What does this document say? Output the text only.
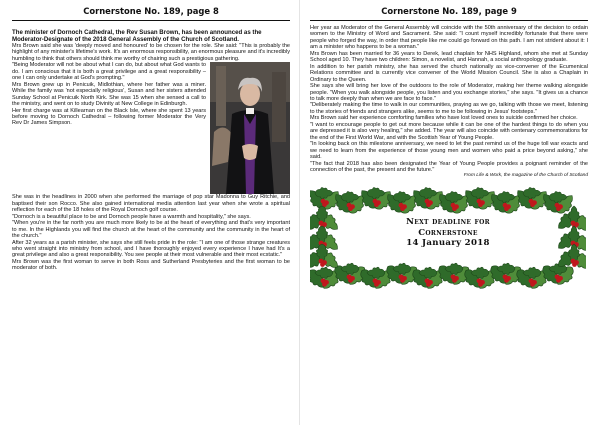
Cornerstone No. 189, page 8

The minister of Dornoch Cathedral, the Rev Susan Brown, has been announced as the Moderator-Designate of the 2018 General Assembly of the Church of Scotland.

Mrs Brown said she was 'deeply moved and honoured' to be chosen for the role. She said: "This is probably the highlight of any minister's lifetime's work. It's an enormous responsibility, an enormous pleasure and it's incredibly humbling to think that others should think me worthy of chairing such a prestigious gathering.

"Being Moderator will not be about what I can do, but about what God wants to do. I am conscious that it is both a great privilege and a great responsibility – one I can only undertake at God's prompting."

Mrs Brown grew up in Penicuik, Midlothian, where her father was a miner. While the family was 'not especially religious', Susan and her sisters attended Sunday School at Penicuik North Kirk. She was 15 when she sensed a call to the ministry, and went on to study Divinity at New College in Edinburgh.

Her first charge was at Killearnan on the Black Isle, where she spent 13 years before moving to Dornoch Cathedral – following former Moderator the Very Rev Dr James Simpson.

She was in the headlines in 2000 when she performed the marriage of pop star Madonna to Guy Ritchie, and baptised their son Rocco. She also gained international media attention last year when she wrote a spiritual reflection for each of the 18 holes of the Royal Dornoch golf course.

"Dornoch is a beautiful place to be and Dornoch people have a warmth and hospitality," she says.

"When you're in the far north you are much more likely to be at the heart of everything and that's very important to me. In the Highlands you will find the church at the heart of the community and the community in the heart of the church."

After 32 years as a parish minister, she says she still feels pride in the role: "I am one of those strange creatures who went straight into ministry from school, and I have thoroughly enjoyed every experience I have had It's a great privilege and also a great responsibility. You see people at their most vulnerable and their most ecstatic."

Mrs Brown was the first woman to serve in both Ross and Sutherland Presbyteries and the first woman to be moderator of both.

Cornerstone No. 189, page 9

Her year as Moderator of the General Assembly will coincide with the 50th anniversary of the decision to ordain women to the Ministry of Word and Sacrament. She said: "I count myself incredibly fortunate that there were people who forged the way, in order that people like me could go forward on this path. I am not strident about it: I am a minister who happens to be a woman."

Mrs Brown has been married for 36 years to Derek, lead chaplain for NHS Highland, whom she met at Sunday School aged 10. They have two children: Simon, a novelist, and Hannah, a social anthropology graduate.

In addition to her parish ministry, she has served the church nationally as vice-convener of the Ecumenical Relations committee and is currently vice convener of the World Mission Council. She is also a Chaplain in Ordinary to the Queen.

She says she will bring her love of the outdoors to the role of Moderator, making her theme walking alongside people. "When you walk alongside people, you listen and you exchange stories," she says. "It gives us a chance to talk more deeply than when we are face to face."

"Deliberately making the time to walk in our communities, praying as we go, talking with those we meet, listening to the stories of friends and strangers alike, seems to me to be following in Jesus' footsteps."

Mrs Brown said her experience comforting families who have lost loved ones to suicide confirmed her choice.

"I want to encourage people to get out more because while it can be one of the hardest things to do when you are depressed it is also very healing," she added. The year will also coincide with centenary commemorations for the end of the First World War, and with the Scottish Year of Young People.

"In looking back on this milestone anniversary, we need to let the past remind us of the huge toll war exacts and we need to learn from the experience of those young men and women who paid a price beyond asking," she said.

"The fact that 2018 has also been designated the Year of Young People provides a poignant reminder of the connection of the past, the present and the future."

From Life & Work, the magazine of the Church of Scotland

Next deadline for
Cornerstone
14 January 2018
